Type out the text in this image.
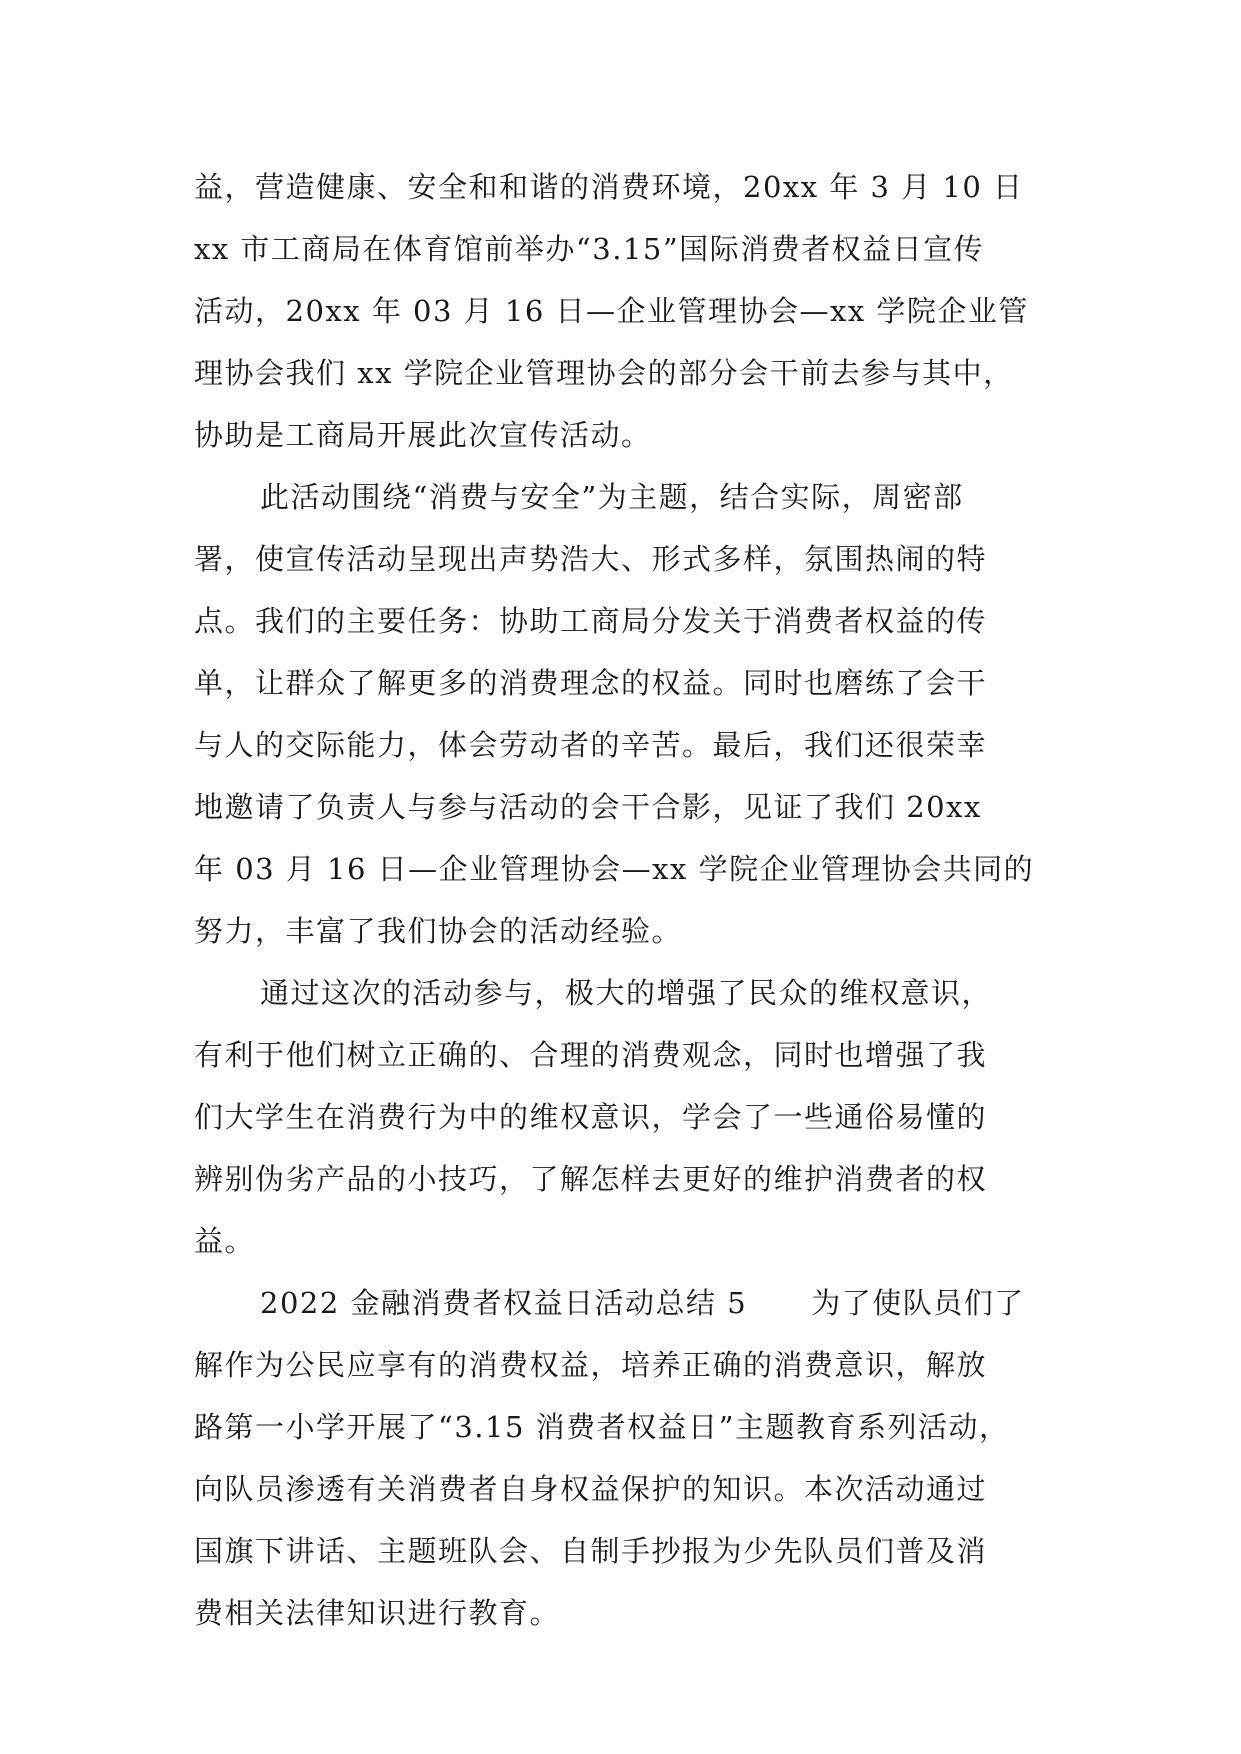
益，营造健康、安全和和谐的消费环境，20xx 年 3 月 10 日
xx 市工商局在体育馆前举办“3.15”国际消费者权益日宣传
活动，20xx 年 03 月 16 日—企业管理协会—xx 学院企业管
理协会我们 xx 学院企业管理协会的部分会干前去参与其中，
协助是工商局开展此次宣传活动。

此活动围绕“消费与安全”为主题，结合实际，周密部
署，使宣传活动呈现出声势浩大、形式多样，氛围热闹的特
点。我们的主要任务：协助工商局分发关于消费者权益的传
单，让群众了解更多的消费理念的权益。同时也磨练了会干
与人的交际能力，体会劳动者的辛苦。最后，我们还很荣幸
地邀请了负责人与参与活动的会干合影，见证了我们 20xx
年 03 月 16 日—企业管理协会—xx 学院企业管理协会共同的
努力，丰富了我们协会的活动经验。

通过这次的活动参与，极大的增强了民众的维权意识，
有利于他们树立正确的、合理的消费观念，同时也增强了我
们大学生在消费行为中的维权意识，学会了一些通俗易懂的
辨别伪劣产品的小技巧，了解怎样去更好的维护消费者的权
益。

2022 金融消费者权益日活动总结 5 为了使队员们了
解作为公民应享有的消费权益，培养正确的消费意识，解放
路第一小学开展了“3.15 消费者权益日”主题教育系列活动，
向队员渗透有关消费者自身权益保护的知识。本次活动通过
国旗下讲话、主题班队会、自制手抄报为少先队员们普及消
费相关法律知识进行教育。
